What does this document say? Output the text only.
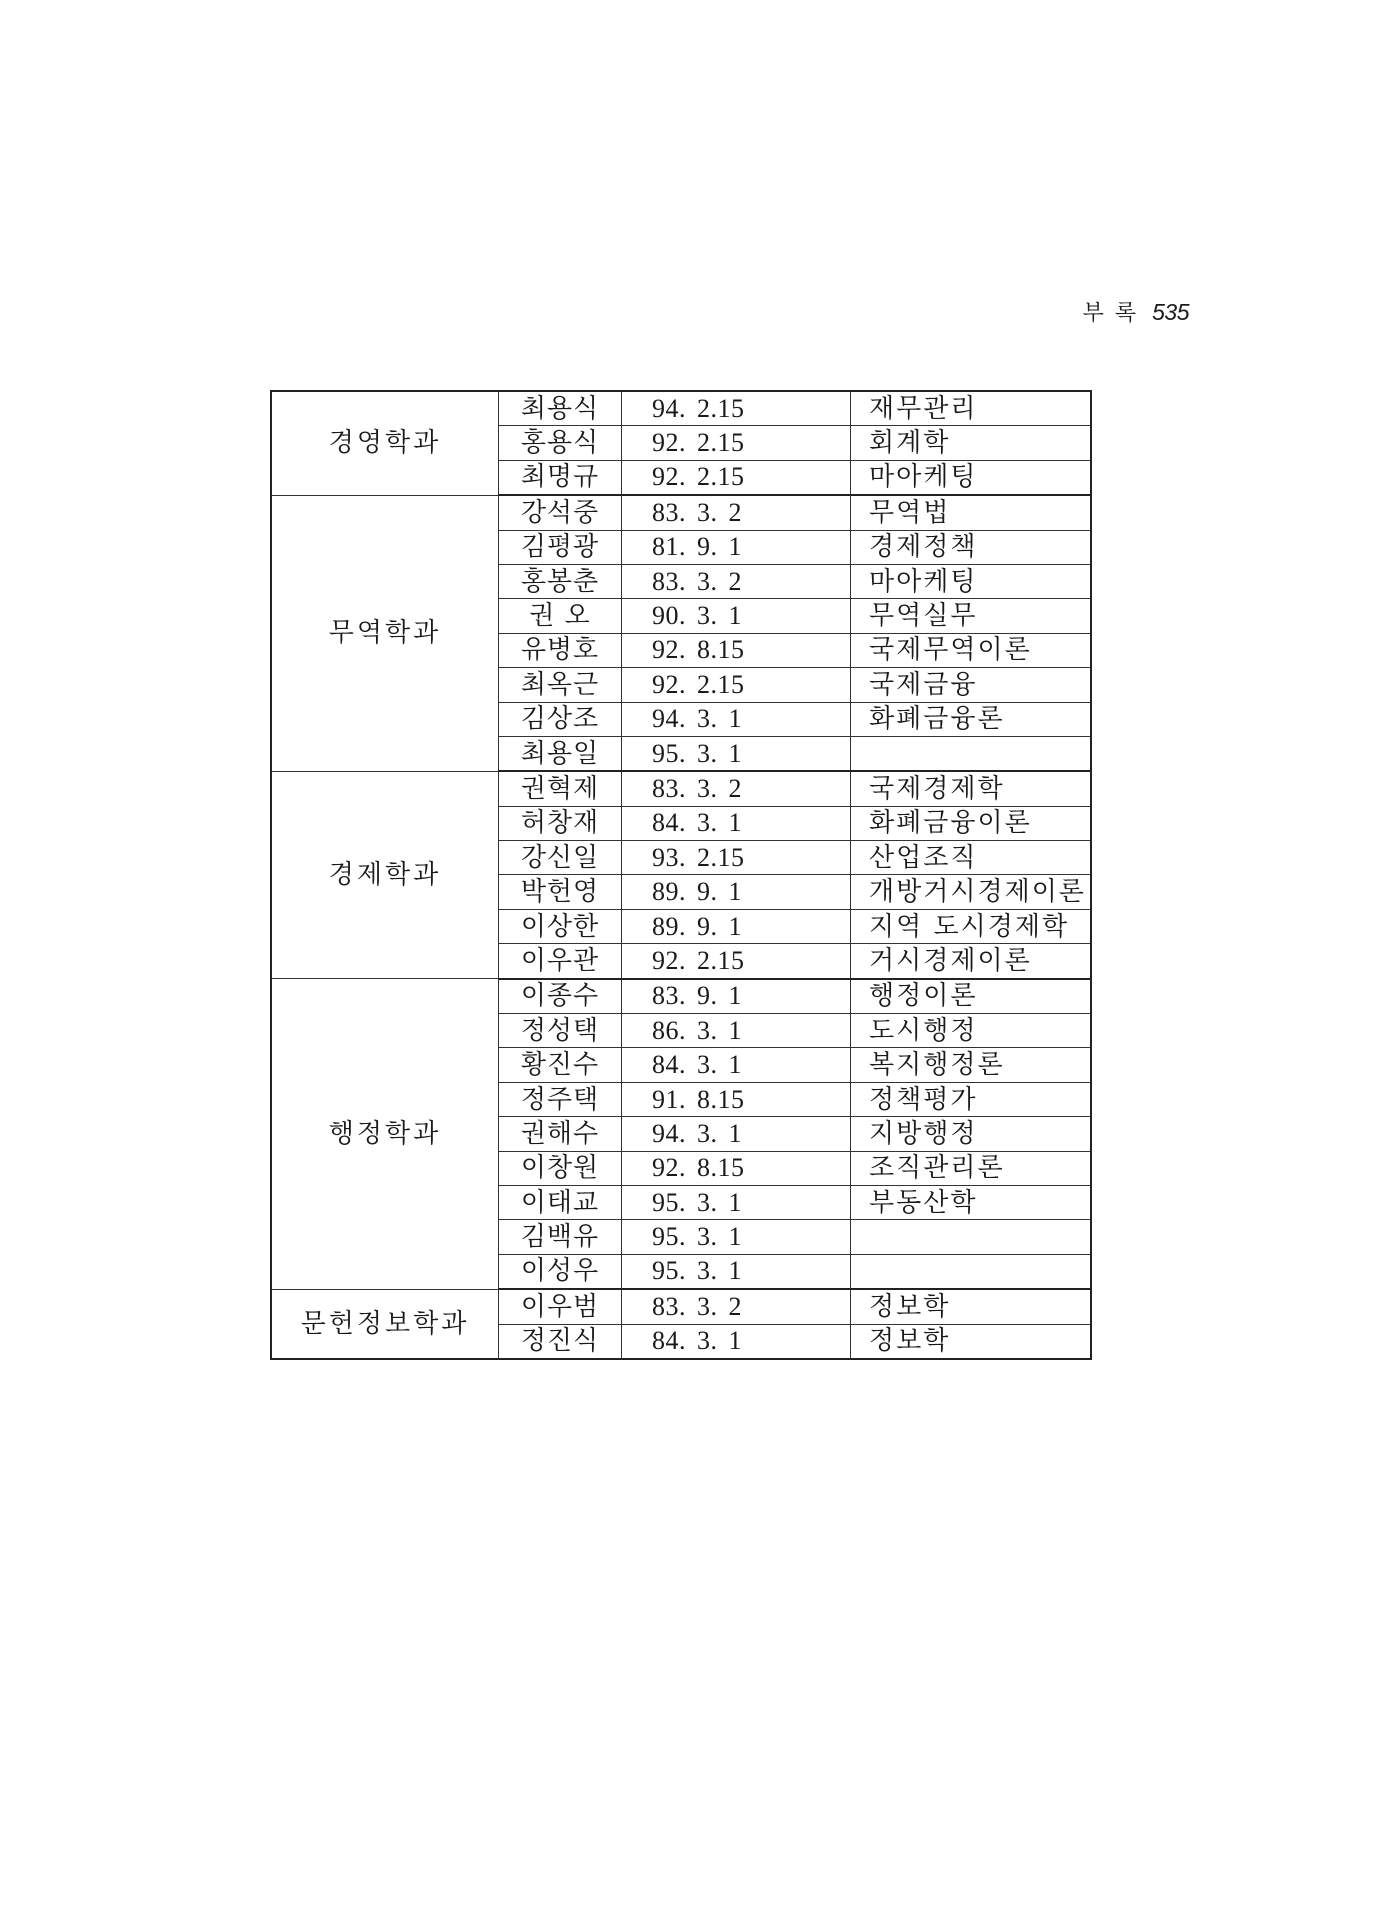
부 록 535
경영학과	최용식	94. 2.15	재무관리
	홍용식	92. 2.15	회계학
	최명규	92. 2.15	마아케팅
무역학과	강석중	83. 3. 2	무역법
	김평광	81. 9. 1	경제정책
	홍봉춘	83. 3. 2	마아케팅
	권 오	90. 3. 1	무역실무
	유병호	92. 8.15	국제무역이론
	최옥근	92. 2.15	국제금융
	김상조	94. 3. 1	화폐금융론
	최용일	95. 3. 1	
경제학과	권혁제	83. 3. 2	국제경제학
	허창재	84. 3. 1	화폐금융이론
	강신일	93. 2.15	산업조직
	박헌영	89. 9. 1	개방거시경제이론
	이상한	89. 9. 1	지역 도시경제학
	이우관	92. 2.15	거시경제이론
행정학과	이종수	83. 9. 1	행정이론
	정성택	86. 3. 1	도시행정
	황진수	84. 3. 1	복지행정론
	정주택	91. 8.15	정책평가
	권해수	94. 3. 1	지방행정
	이창원	92. 8.15	조직관리론
	이태교	95. 3. 1	부동산학
	김백유	95. 3. 1	
	이성우	95. 3. 1	
문헌정보학과	이우범	83. 3. 2	정보학
	정진식	84. 3. 1	정보학
